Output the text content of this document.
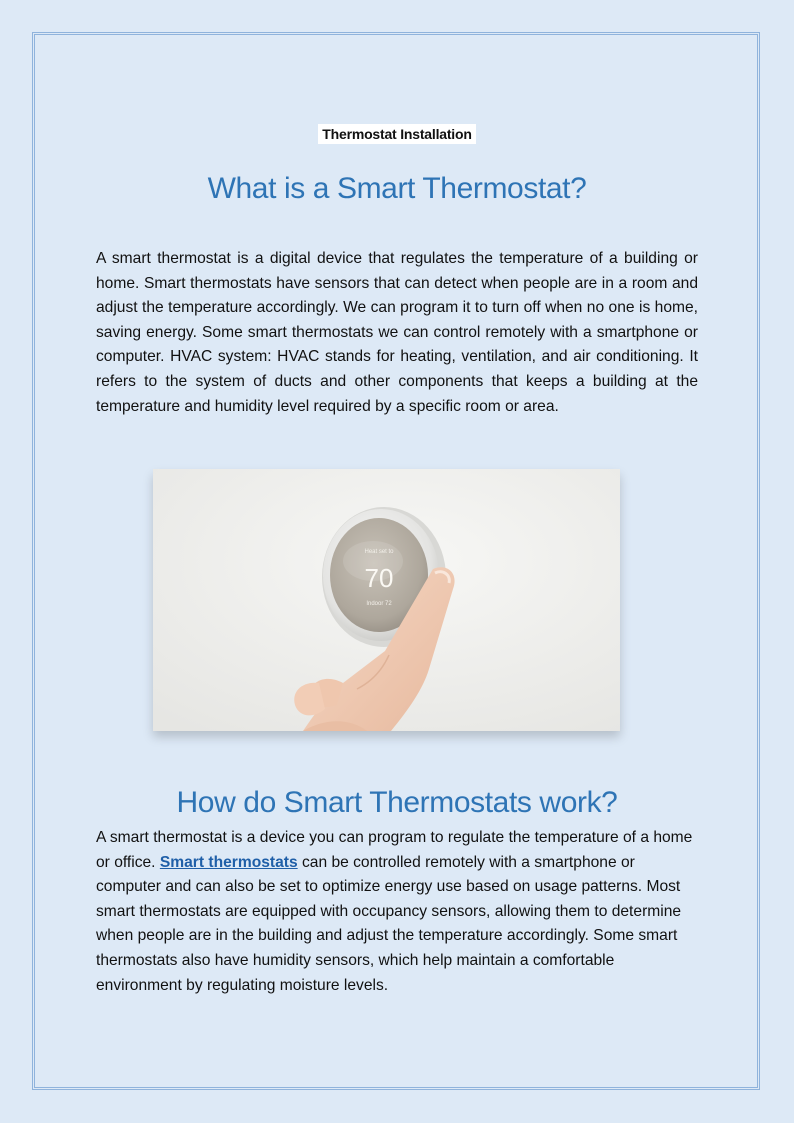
Thermostat Installation
What is a Smart Thermostat?

A smart thermostat is a digital device that regulates the temperature of a building or home. Smart thermostats have sensors that can detect when people are in a room and adjust the temperature accordingly. We can program it to turn off when no one is home, saving energy. Some smart thermostats we can control remotely with a smartphone or computer. HVAC system: HVAC stands for heating, ventilation, and air conditioning. It refers to the system of ducts and other components that keeps a building at the temperature and humidity level required by a specific room or area.

How do Smart Thermostats work?

A smart thermostat is a device you can program to regulate the temperature of a home or office. Smart thermostats can be controlled remotely with a smartphone or computer and can also be set to optimize energy use based on usage patterns. Most smart thermostats are equipped with occupancy sensors, allowing them to determine when people are in the building and adjust the temperature accordingly. Some smart thermostats also have humidity sensors, which help maintain a comfortable environment by regulating moisture levels.

Heat set to
70
Indoor 72
